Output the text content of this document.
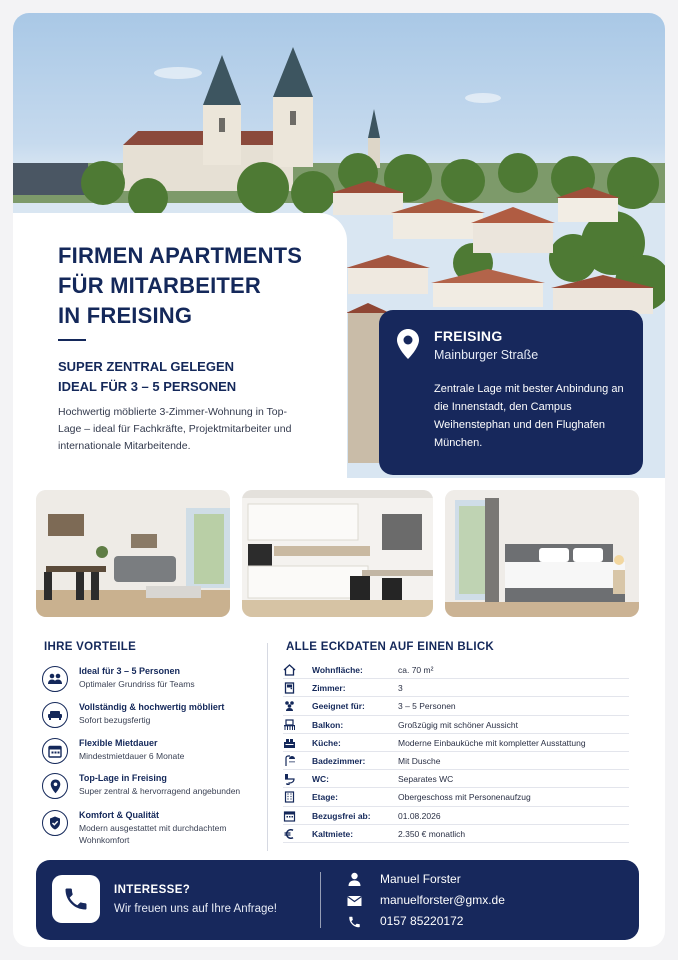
FIRMEN APARTMENTS
FÜR MITARBEITER
IN FREISING
SUPER ZENTRAL GELEGEN
IDEAL FÜR 3 – 5 PERSONEN
Hochwertig möblierte 3-Zimmer-Wohnung in Top-Lage – ideal für Fachkräfte, Projektmitarbeiter und internationale Mitarbeitende.
FREISING
Mainburger Straße
Zentrale Lage mit bester Anbindung an die Innenstadt, den Campus Weihenstephan und den Flughafen München.
IHRE VORTEILE
Ideal für 3 – 5 Personen
Optimaler Grundriss für Teams
Vollständig & hochwertig möbliert
Sofort bezugsfertig
Flexible Mietdauer
Mindestmietdauer 6 Monate
Top-Lage in Freising
Super zentral & hervorragend angebunden
Komfort & Qualität
Modern ausgestattet mit durchdachtem Wohnkomfort
ALLE ECKDATEN AUF EINEN BLICK
Wohnfläche:	ca. 70 m²
Zimmer:	3
Geeignet für:	3 – 5 Personen
Balkon:	Großzügig mit schöner Aussicht
Küche:	Moderne Einbauküche mit kompletter Ausstattung
Badezimmer:	Mit Dusche
WC:	Separates WC
Etage:	Obergeschoss mit Personenaufzug
Bezugsfrei ab:	01.08.2026
Kaltmiete:	2.350 € monatlich
INTERESSE?
Wir freuen uns auf Ihre Anfrage!
Manuel Forster
manuelforster@gmx.de
0157 85220172
